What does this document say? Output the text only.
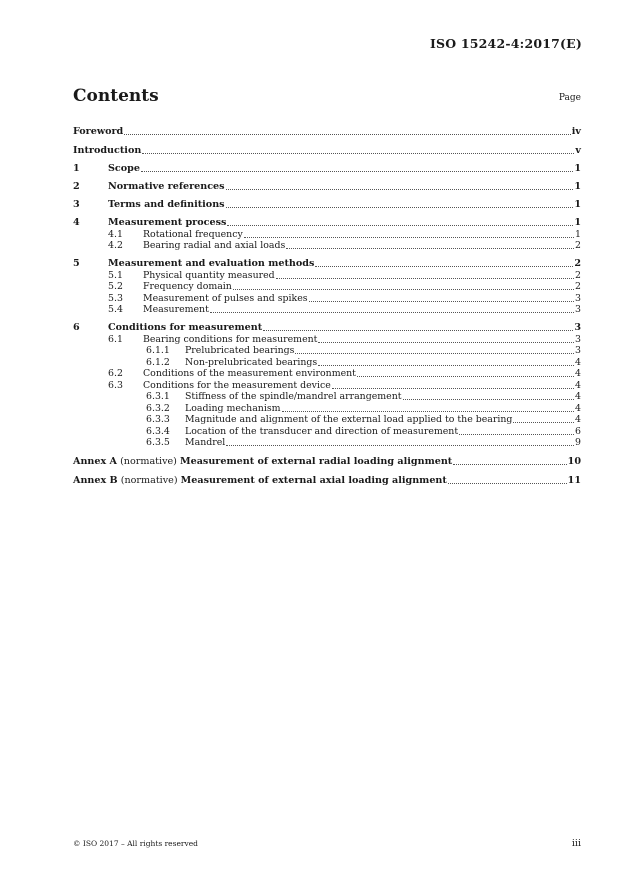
ISO 15242-4:2017(E)
Contents	Page
Foreword	iv
Introduction	v
1	Scope	1
2	Normative references	1
3	Terms and definitions	1
4	Measurement process	1
4.1	Rotational frequency	1
4.2	Bearing radial and axial loads	2
5	Measurement and evaluation methods	2
5.1	Physical quantity measured	2
5.2	Frequency domain	2
5.3	Measurement of pulses and spikes	3
5.4	Measurement	3
6	Conditions for measurement	3
6.1	Bearing conditions for measurement	3
6.1.1	Prelubricated bearings	3
6.1.2	Non-prelubricated bearings	4
6.2	Conditions of the measurement environment	4
6.3	Conditions for the measurement device	4
6.3.1	Stiffness of the spindle/mandrel arrangement	4
6.3.2	Loading mechanism	4
6.3.3	Magnitude and alignment of the external load applied to the bearing	4
6.3.4	Location of the transducer and direction of measurement	6
6.3.5	Mandrel	9
Annex A (normative) Measurement of external radial loading alignment	10
Annex B (normative) Measurement of external axial loading alignment	11
© ISO 2017 – All rights reserved	iii
